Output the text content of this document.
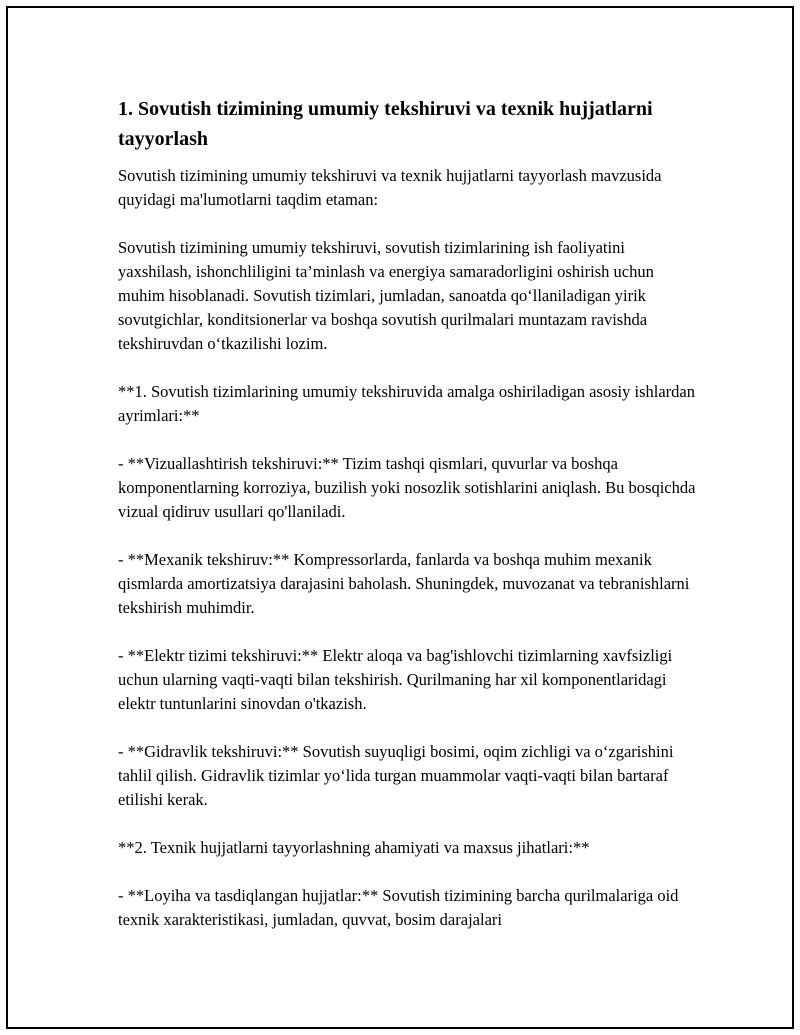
1. Sovutish tizimining umumiy tekshiruvi va texnik hujjatlarni tayyorlash

Sovutish tizimining umumiy tekshiruvi va texnik hujjatlarni tayyorlash mavzusida quyidagi ma'lumotlarni taqdim etaman:

Sovutish tizimining umumiy tekshiruvi, sovutish tizimlarining ish faoliyatini yaxshilash, ishonchliligini ta’minlash va energiya samaradorligini oshirish uchun muhim hisoblanadi. Sovutish tizimlari, jumladan, sanoatda qo‘llaniladigan yirik sovutgichlar, konditsionerlar va boshqa sovutish qurilmalari muntazam ravishda tekshiruvdan o‘tkazilishi lozim.

**1. Sovutish tizimlarining umumiy tekshiruvida amalga oshiriladigan asosiy ishlardan ayrimlari:**

- **Vizuallashtirish tekshiruvi:** Tizim tashqi qismlari, quvurlar va boshqa komponentlarning korroziya, buzilish yoki nosozlik sotishlarini aniqlash. Bu bosqichda vizual qidiruv usullari qo'llaniladi.

- **Mexanik tekshiruv:** Kompressorlarda, fanlarda va boshqa muhim mexanik qismlarda amortizatsiya darajasini baholash. Shuningdek, muvozanat va tebranishlarni tekshirish muhimdir.

- **Elektr tizimi tekshiruvi:** Elektr aloqa va bag'ishlovchi tizimlarning xavfsizligi uchun ularning vaqti-vaqti bilan tekshirish. Qurilmaning har xil komponentlaridagi elektr tuntunlarini sinovdan o'tkazish.

- **Gidravlik tekshiruvi:** Sovutish suyuqligi bosimi, oqim zichligi va o‘zgarishini tahlil qilish. Gidravlik tizimlar yo‘lida turgan muammolar vaqti-vaqti bilan bartaraf etilishi kerak.

**2. Texnik hujjatlarni tayyorlashning ahamiyati va maxsus jihatlari:**

- **Loyiha va tasdiqlangan hujjatlar:** Sovutish tizimining barcha qurilmalariga oid texnik xarakteristikasi, jumladan, quvvat, bosim darajalari
